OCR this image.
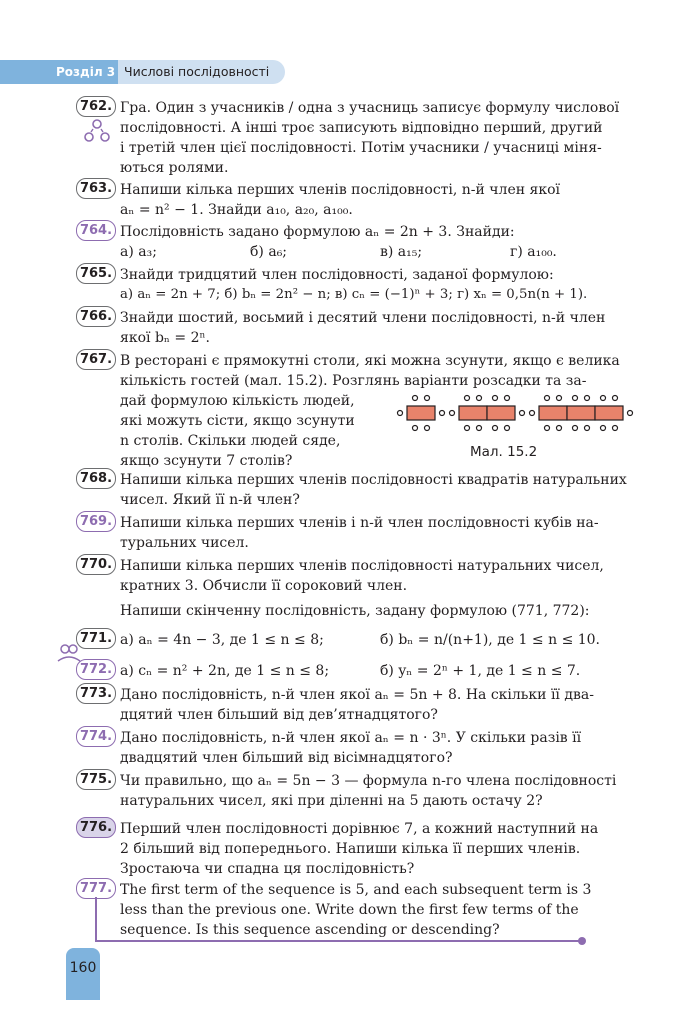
Розділ 3 Числові послідовності
762. Гра. Один з учасників / одна з учасниць записує формулу числової
послідовності. А інші троє записують відповідно перший, другий
і третій член цієї послідовності. Потім учасники / учасниці міня-
ються ролями.
763. Напиши кілька перших членів послідовності, n-й член якої
aₙ = n² − 1. Знайди a₁₀, a₂₀, a₁₀₀.
764. Послідовність задано формулою aₙ = 2n + 3. Знайди:
а) a₃;	б) a₆;	в) a₁₅;	г) a₁₀₀.
765. Знайди тридцятий член послідовності, заданої формулою:
а) aₙ = 2n + 7; б) bₙ = 2n² − n; в) cₙ = (−1)ⁿ + 3; г) xₙ = 0,5n(n + 1).
766. Знайди шостий, восьмий і десятий члени послідовності, n-й член
якої bₙ = 2ⁿ.
767. В ресторані є прямокутні столи, які можна зсунути, якщо є велика
кількість гостей (мал. 15.2). Розглянь варіанти розсадки та за-
дай формулою кількість людей,
які можуть сісти, якщо зсунути
n столів. Скільки людей сяде,
якщо зсунути 7 столів?
Мал. 15.2
768. Напиши кілька перших членів послідовності квадратів натуральних
чисел. Який її n-й член?
769. Напиши кілька перших членів і n-й член послідовності кубів на-
туральних чисел.
770. Напиши кілька перших членів послідовності натуральних чисел,
кратних 3. Обчисли її сороковий член.
Напиши скінченну послідовність, задану формулою (771, 772):
771. а) aₙ = 4n − 3, де 1 ≤ n ≤ 8;	б) bₙ = n/(n+1), де 1 ≤ n ≤ 10.
772. а) cₙ = n² + 2n, де 1 ≤ n ≤ 8;	б) yₙ = 2ⁿ + 1, де 1 ≤ n ≤ 7.
773. Дано послідовність, n-й член якої aₙ = 5n + 8. На скільки її два-
дцятий член більший від дев’ятнадцятого?
774. Дано послідовність, n-й член якої aₙ = n · 3ⁿ. У скільки разів її
двадцятий член більший від вісімнадцятого?
775. Чи правильно, що aₙ = 5n − 3 — формула n-го члена послідовності
натуральних чисел, які при діленні на 5 дають остачу 2?
776. Перший член послідовності дорівнює 7, а кожний наступний на
2 більший від попереднього. Напиши кілька її перших членів.
Зростаюча чи спадна ця послідовність?
777. The first term of the sequence is 5, and each subsequent term is 3
less than the previous one. Write down the first few terms of the
sequence. Is this sequence ascending or descending?
160
